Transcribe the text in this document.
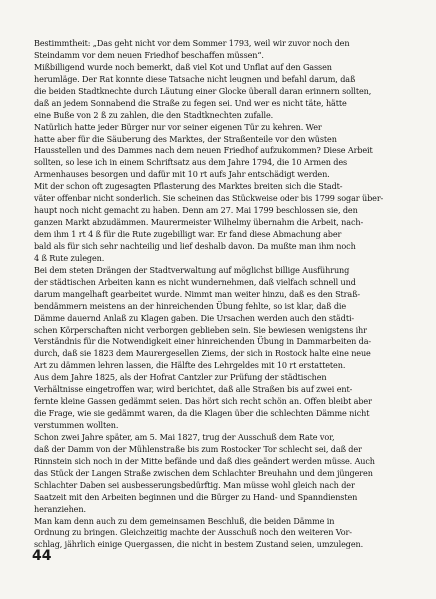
Bestimmtheit: „Das geht nicht vor dem Sommer 1793, weil wir zuvor noch den
Steindamm vor dem neuen Friedhof beschaffen müssen“.
Mißbilligend wurde noch bemerkt, daß viel Kot und Unflat auf den Gassen
herumläge. Der Rat konnte diese Tatsache nicht leugnen und befahl darum, daß
die beiden Stadtknechte durch Läutung einer Glocke überall daran erinnern sollten,
daß an jedem Sonnabend die Straße zu fegen sei. Und wer es nicht täte, hätte
eine Buße von 2 ß zu zahlen, die den Stadtknechten zufalle.
Natürlich hatte jeder Bürger nur vor seiner eigenen Tür zu kehren. Wer
hatte aber für die Säuberung des Marktes, der Straßenteile vor den wüsten
Hausstellen und des Dammes nach dem neuen Friedhof aufzukommen? Diese Arbeit
sollten, so lese ich in einem Schriftsatz aus dem Jahre 1794, die 10 Armen des
Armenhauses besorgen und dafür mit 10 rt aufs Jahr entschädigt werden.
Mit der schon oft zugesagten Pflasterung des Marktes breiten sich die Stadt-
väter offenbar nicht sonderlich. Sie scheinen das Stückweise oder bis 1799 sogar über-
haupt noch nicht gemacht zu haben. Denn am 27. Mai 1799 beschlossen sie, den
ganzen Markt abzudämmen. Maurermeister Wilhelmy übernahm die Arbeit, nach-
dem ihm 1 rt 4 ß für die Rute zugebilligt war. Er fand diese Abmachung aber
bald als für sich sehr nachteilig und lief deshalb davon. Da mußte man ihm noch
4 ß Rute zulegen.
Bei dem steten Drängen der Stadtverwaltung auf möglichst billige Ausführung
der städtischen Arbeiten kann es nicht wundernehmen, daß vielfach schnell und
darum mangelhaft gearbeitet wurde. Nimmt man weiter hinzu, daß es den Straß-
bendämmern meistens an der hinreichenden Übung fehlte, so ist klar, daß die
Dämme dauernd Anlaß zu Klagen gaben. Die Ursachen werden auch den städti-
schen Körperschaften nicht verborgen geblieben sein. Sie bewiesen wenigstens ihr
Verständnis für die Notwendigkeit einer hinreichenden Übung in Dammarbeiten da-
durch, daß sie 1823 dem Maurergesellen Ziems, der sich in Rostock halte eine neue
Art zu dämmen lehren lassen, die Hälfte des Lehrgeldes mit 10 rt erstatteten.
Aus dem Jahre 1825, als der Hofrat Cantzler zur Prüfung der städtischen
Verhältnisse eingetroffen war, wird berichtet, daß alle Straßen bis auf zwei ent-
fernte kleine Gassen gedämmt seien. Das hört sich recht schön an. Offen bleibt aber
die Frage, wie sie gedämmt waren, da die Klagen über die schlechten Dämme nicht
verstummen wollten.
Schon zwei Jahre später, am 5. Mai 1827, trug der Ausschuß dem Rate vor,
daß der Damm von der Mühlenstraße bis zum Rostocker Tor schlecht sei, daß der
Rinnstein sich noch in der Mitte befände und daß dies geändert werden müsse. Auch
das Stück der Langen Straße zwischen dem Schlachter Breuhahn und dem jüngeren
Schlachter Daben sei ausbesserungsbedürftig. Man müsse wohl gleich nach der
Saatzeit mit den Arbeiten beginnen und die Bürger zu Hand- und Spanndiensten
heranziehen.
Man kam denn auch zu dem gemeinsamen Beschluß, die beiden Dämme in
Ordnung zu bringen. Gleichzeitig machte der Ausschuß noch den weiteren Vor-
schlag, jährlich einige Quergassen, die nicht in bestem Zustand seien, umzulegen.
44
